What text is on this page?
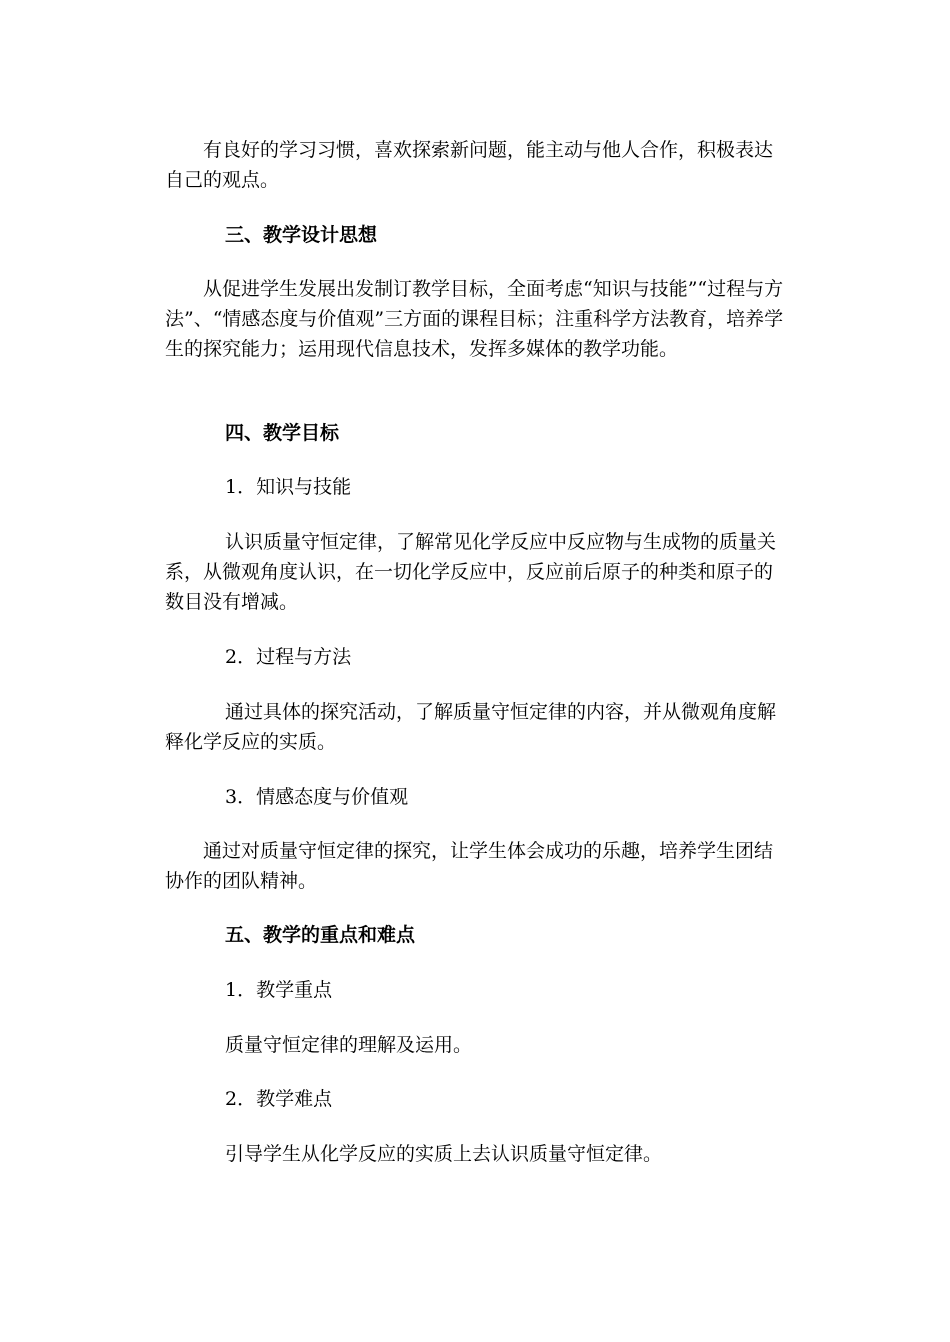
有良好的学习习惯，喜欢探索新问题，能主动与他人合作，积极表达自己的观点。

三、教学设计思想

从促进学生发展出发制订教学目标，全面考虑“知识与技能”“过程与方法”、“情感态度与价值观”三方面的课程目标；注重科学方法教育，培养学生的探究能力；运用现代信息技术，发挥多媒体的教学功能。

四、教学目标

1．知识与技能

认识质量守恒定律，了解常见化学反应中反应物与生成物的质量关系，从微观角度认识，在一切化学反应中，反应前后原子的种类和原子的数目没有增减。

2．过程与方法

通过具体的探究活动，了解质量守恒定律的内容，并从微观角度解释化学反应的实质。

3．情感态度与价值观

通过对质量守恒定律的探究，让学生体会成功的乐趣，培养学生团结协作的团队精神。

五、教学的重点和难点

1．教学重点

质量守恒定律的理解及运用。

2．教学难点

引导学生从化学反应的实质上去认识质量守恒定律。
